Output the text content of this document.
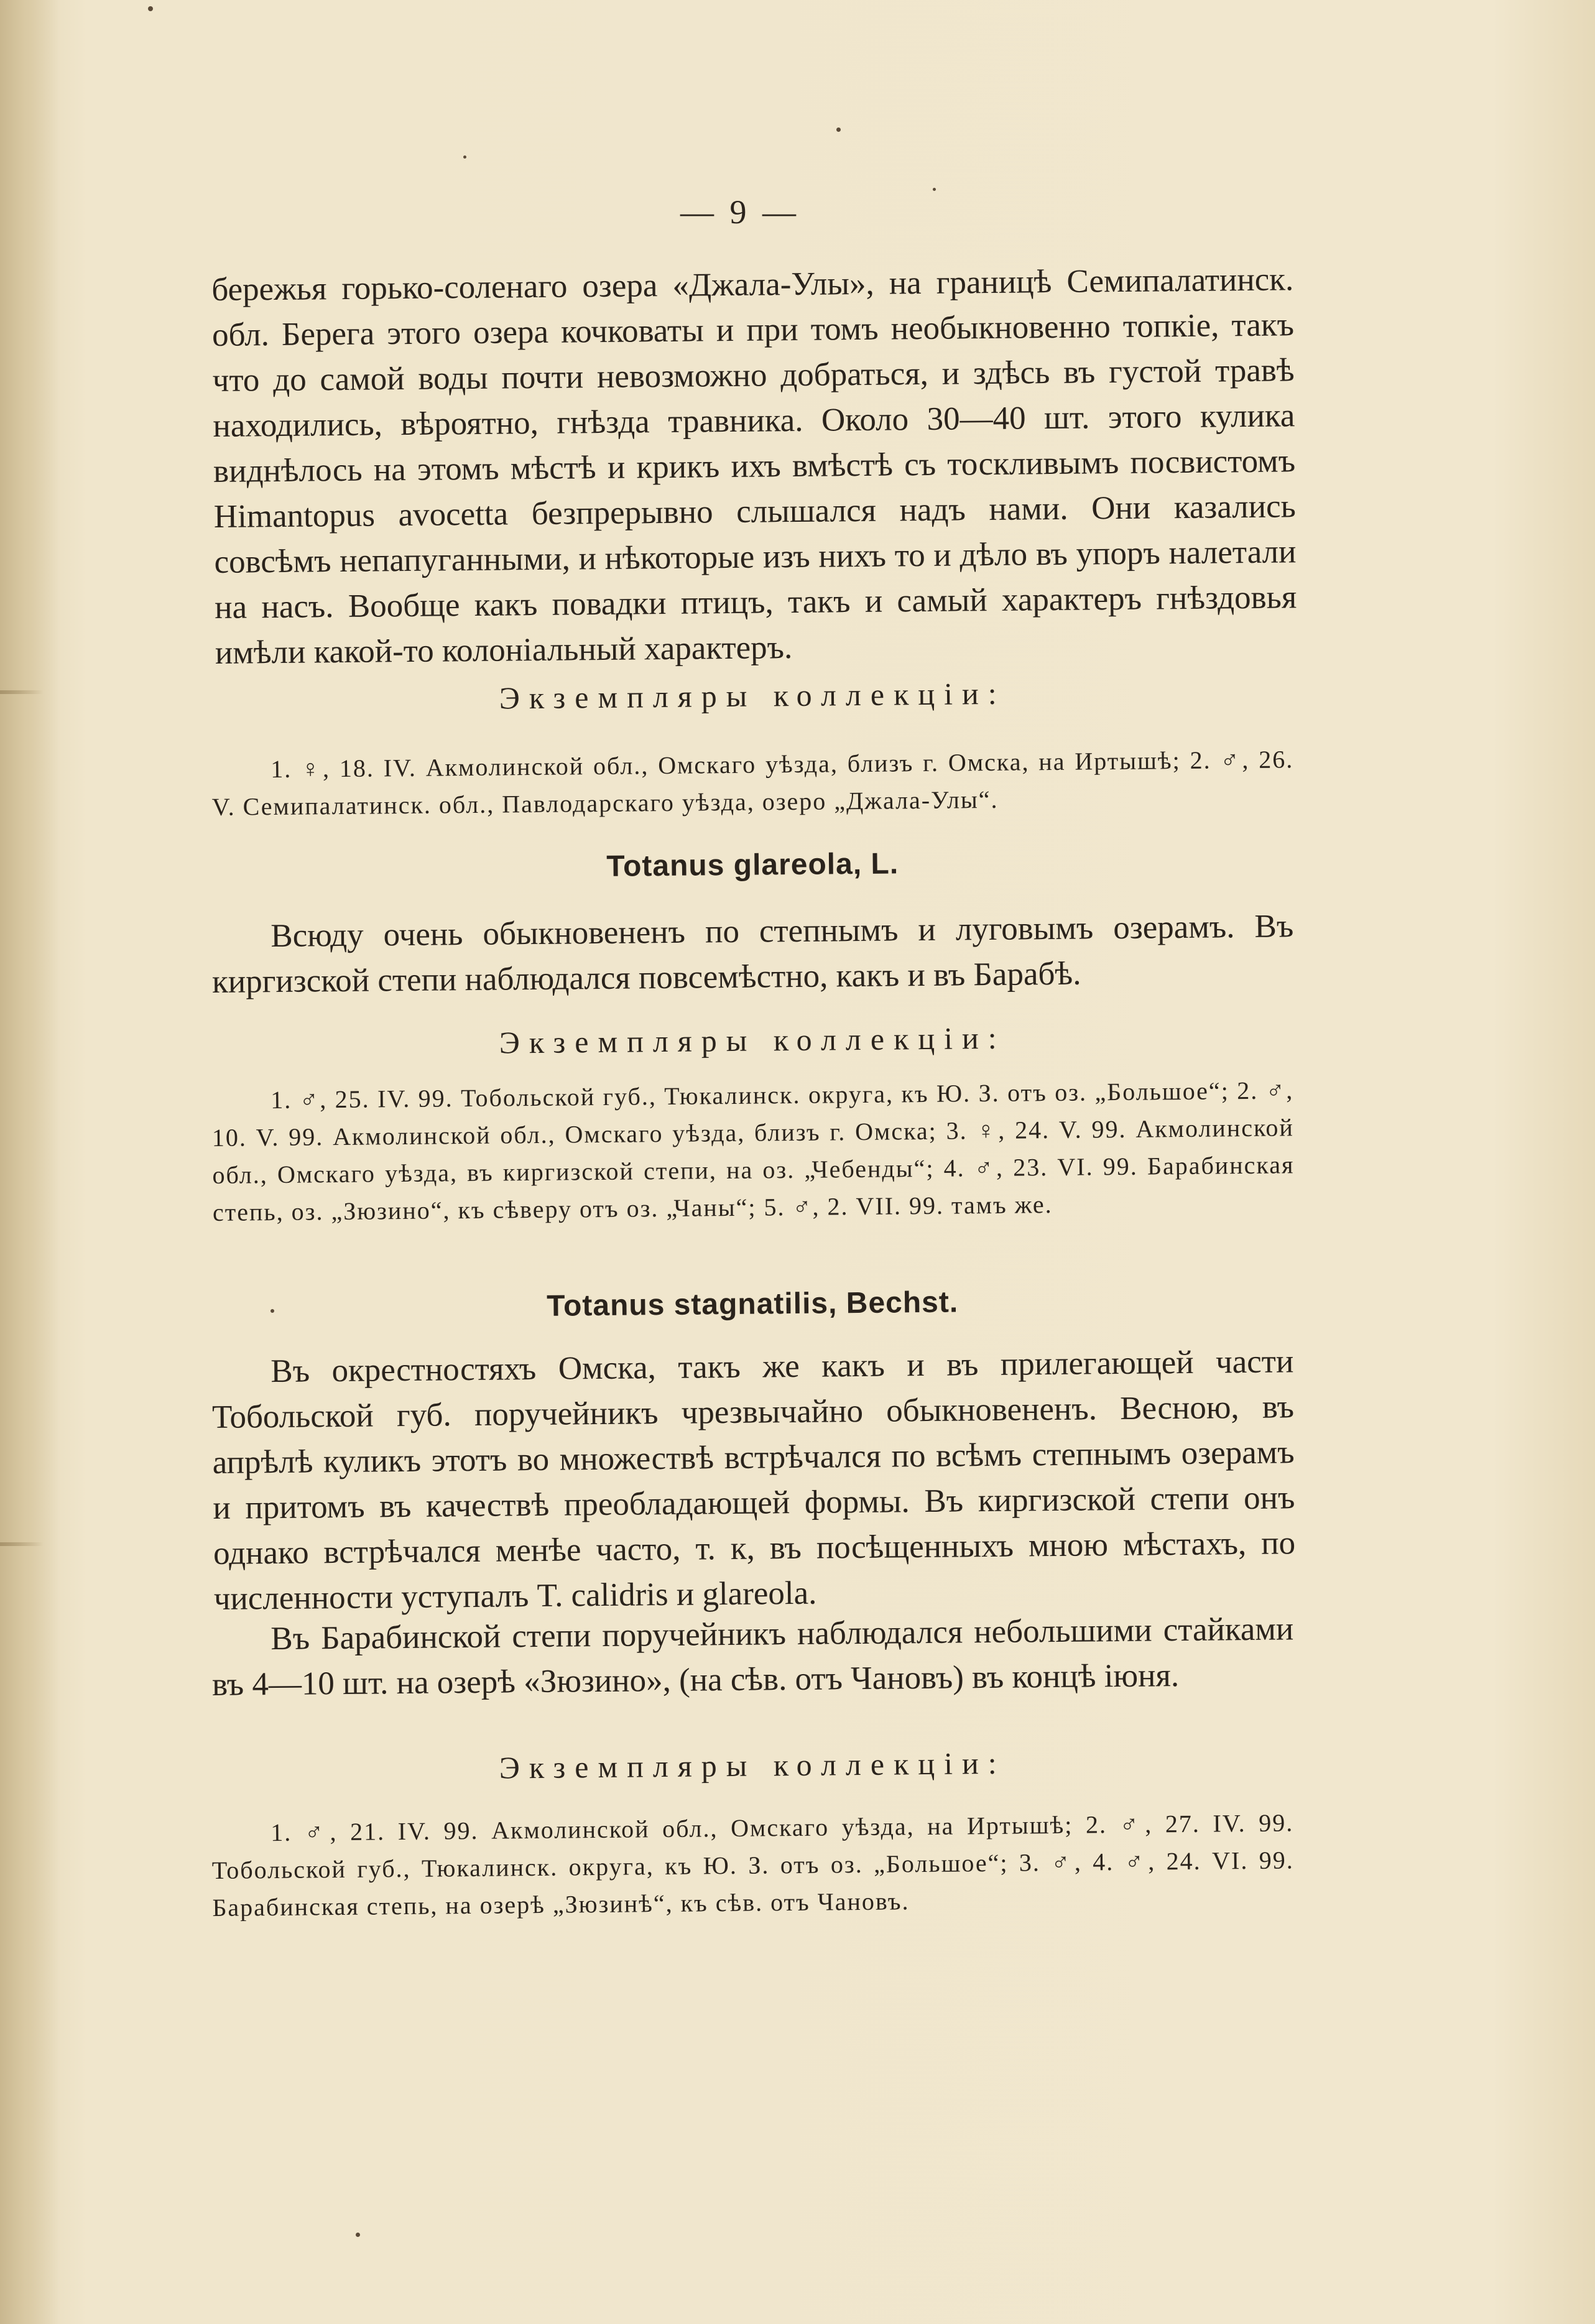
— 9 —

бережья горько-соленаго озера «Джала-Улы», на границѣ Семипалатинск. обл. Берега этого озера кочковаты и при томъ необыкновенно топкіе, такъ что до самой воды почти невозможно добраться, и здѣсь въ густой травѣ находились, вѣроятно, гнѣзда травника. Около 30—40 шт. этого кулика виднѣлось на этомъ мѣстѣ и крикъ ихъ вмѣстѣ съ тоскливымъ посвистомъ Himantopus avocetta безпрерывно слышался надъ нами. Они казались совсѣмъ непапуганными, и нѣкоторые изъ нихъ то и дѣло въ упоръ налетали на насъ. Вообще какъ повадки птицъ, такъ и самый характеръ гнѣздовья имѣли какой-то колоніальный характеръ.

Экземпляры коллекціи:

1. ♀, 18. IV. Акмолинской обл., Омскаго уѣзда, близъ г. Омска, на Иртышѣ; 2. ♂, 26. V. Семипалатинск. обл., Павлодарскаго уѣзда, озеро „Джала-Улы“.

Totanus glareola, L.

Всюду очень обыкновененъ по степнымъ и луговымъ озерамъ. Въ киргизской степи наблюдался повсемѣстно, какъ и въ Барабѣ.

Экземпляры коллекціи:

1. ♂, 25. IV. 99. Тобольской губ., Тюкалинск. округа, къ Ю. З. отъ оз. „Большое“; 2. ♂, 10. V. 99. Акмолинской обл., Омскаго уѣзда, близъ г. Омска; 3. ♀, 24. V. 99. Акмолинской обл., Омскаго уѣзда, въ киргизской степи, на оз. „Чебенды“; 4. ♂, 23. VI. 99. Барабинская степь, оз. „Зюзино“, къ сѣверу отъ оз. „Чаны“; 5. ♂, 2. VII. 99. тамъ же.

Totanus stagnatilis, Bechst.

Въ окрестностяхъ Омска, такъ же какъ и въ прилегающей части Тобольской губ. поручейникъ чрезвычайно обыкновененъ. Весною, въ апрѣлѣ куликъ этотъ во множествѣ встрѣчался по всѣмъ степнымъ озерамъ и притомъ въ качествѣ преобладающей формы. Въ киргизской степи онъ однако встрѣчался менѣе часто, т. к, въ посѣщенныхъ мною мѣстахъ, по численности уступалъ T. calidris и glareola.

Въ Барабинской степи поручейникъ наблюдался небольшими стайками въ 4—10 шт. на озерѣ «Зюзино», (на сѣв. отъ Чановъ) въ концѣ іюня.

Экземпляры коллекціи:

1. ♂, 21. IV. 99. Акмолинской обл., Омскаго уѣзда, на Иртышѣ; 2. ♂, 27. IV. 99. Тобольской губ., Тюкалинск. округа, къ Ю. З. отъ оз. „Большое“; 3. ♂, 4. ♂, 24. VI. 99. Барабинская степь, на озерѣ „Зюзинѣ“, къ сѣв. отъ Чановъ.
